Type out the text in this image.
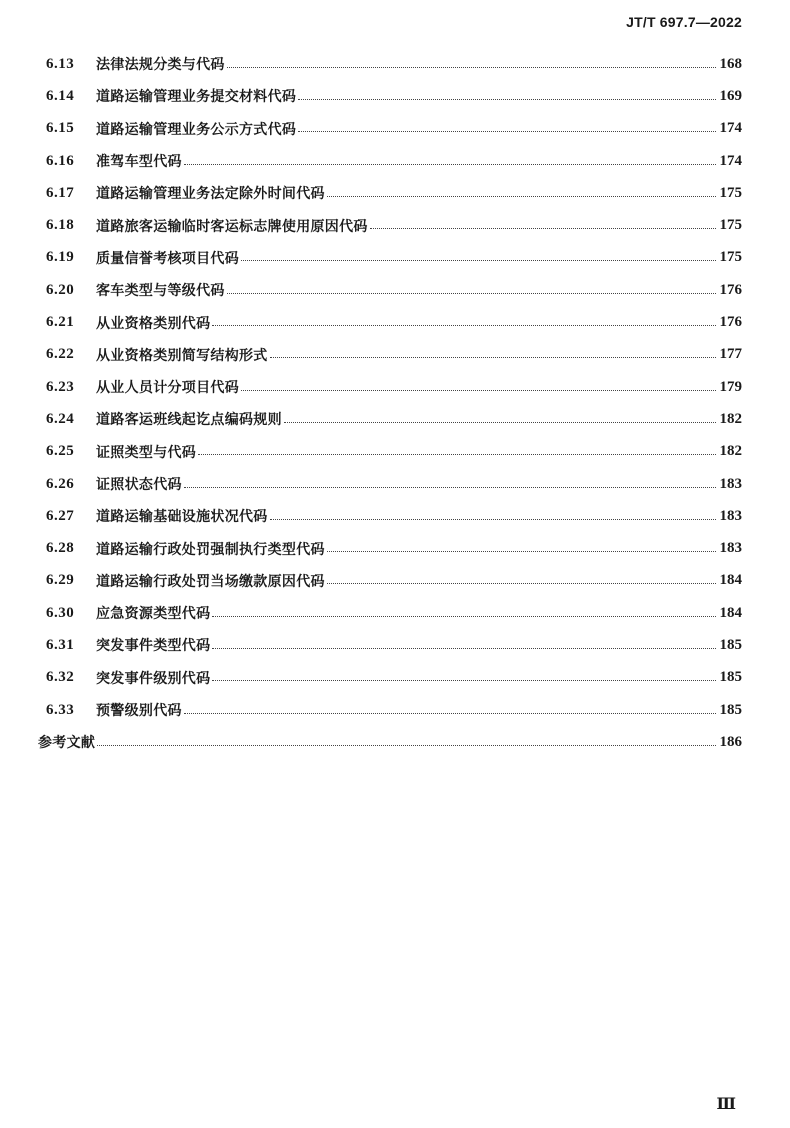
JT/T 697.7—2022
6.13	法律法规分类与代码	168
6.14	道路运输管理业务提交材料代码	169
6.15	道路运输管理业务公示方式代码	174
6.16	准驾车型代码	174
6.17	道路运输管理业务法定除外时间代码	175
6.18	道路旅客运输临时客运标志牌使用原因代码	175
6.19	质量信誉考核项目代码	175
6.20	客车类型与等级代码	176
6.21	从业资格类别代码	176
6.22	从业资格类别简写结构形式	177
6.23	从业人员计分项目代码	179
6.24	道路客运班线起讫点编码规则	182
6.25	证照类型与代码	182
6.26	证照状态代码	183
6.27	道路运输基础设施状况代码	183
6.28	道路运输行政处罚强制执行类型代码	183
6.29	道路运输行政处罚当场缴款原因代码	184
6.30	应急资源类型代码	184
6.31	突发事件类型代码	185
6.32	突发事件级别代码	185
6.33	预警级别代码	185
参考文献	186
Ⅲ
